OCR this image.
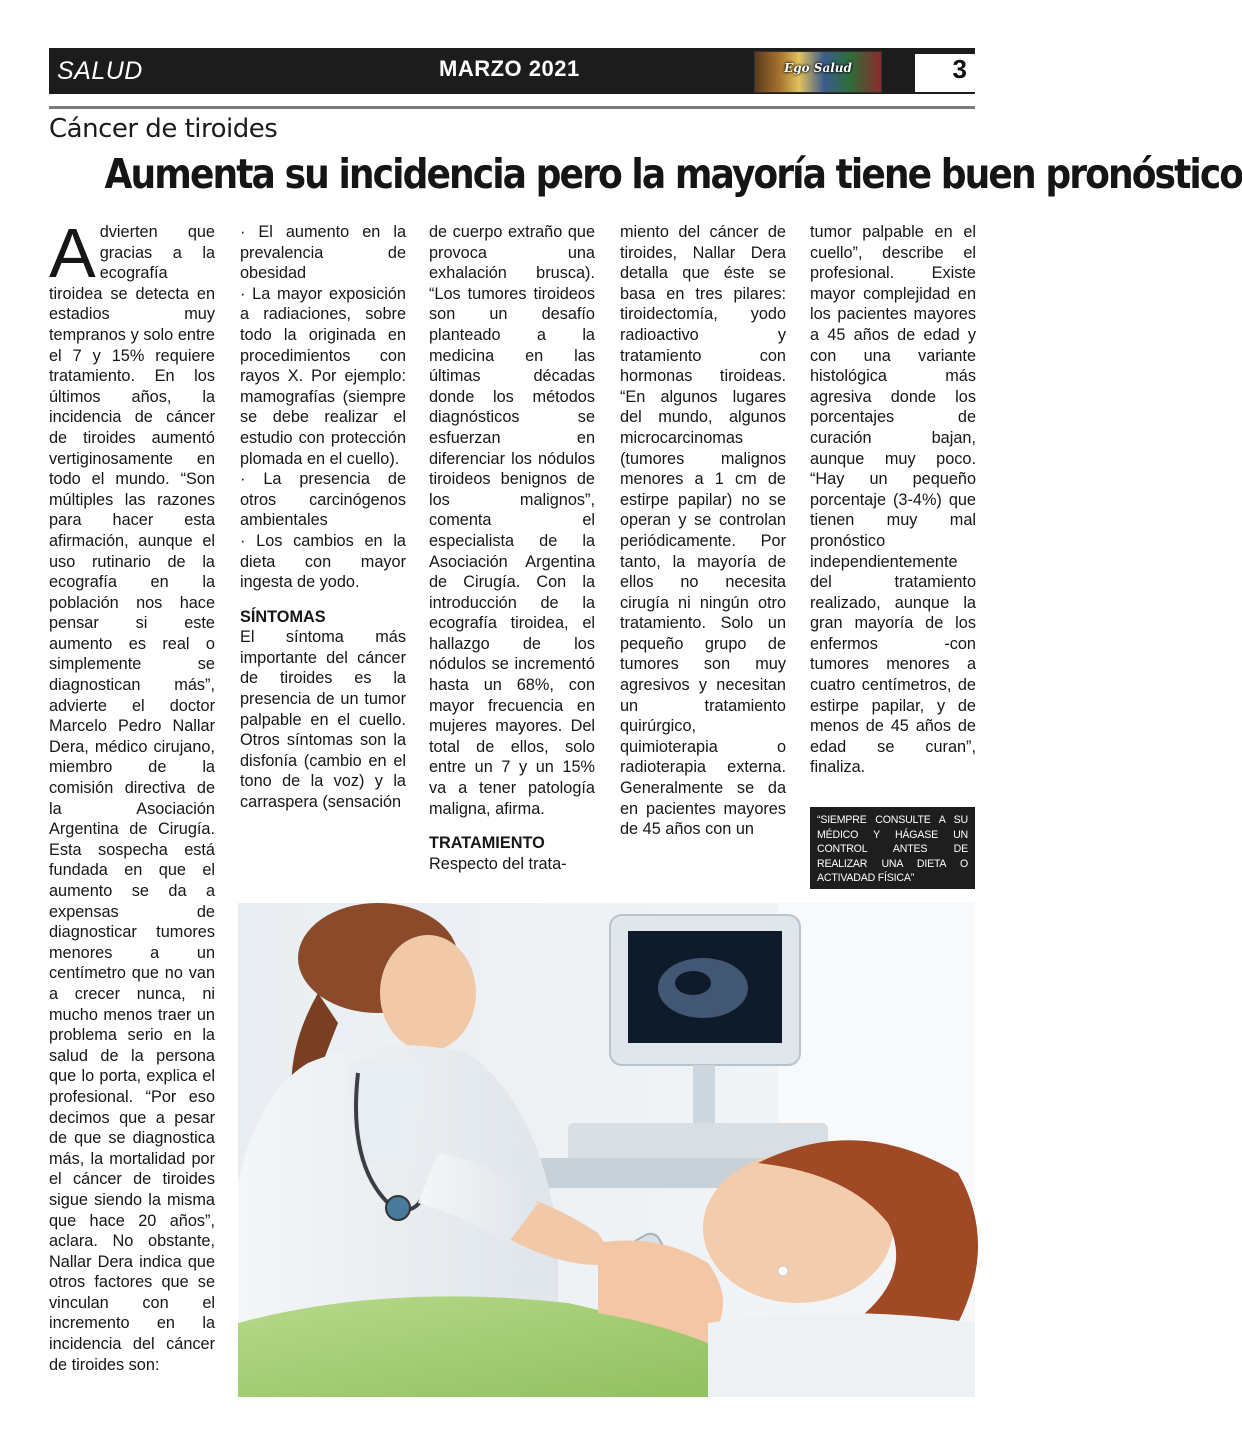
SALUD	MARZO 2021	Ego Salud	3
Cáncer de tiroides
Aumenta su incidencia pero la mayoría tiene buen pronóstico

Advierten que gracias a la ecografía tiroidea se detecta en estadios muy tempranos y solo entre el 7 y 15% requiere tratamiento. En los últimos años, la incidencia de cáncer de tiroides aumentó vertiginosamente en todo el mundo. “Son múltiples las razones para hacer esta afirmación, aunque el uso rutinario de la ecografía en la población nos hace pensar si este aumento es real o simplemente se diagnostican más”, advierte el doctor Marcelo Pedro Nallar Dera, médico cirujano, miembro de la comisión directiva de la Asociación Argentina de Cirugía. Esta sospecha está fundada en que el aumento se da a expensas de diagnosticar tumores menores a un centímetro que no van a crecer nunca, ni mucho menos traer un problema serio en la salud de la persona que lo porta, explica el profesional. “Por eso decimos que a pesar de que se diagnostica más, la mortalidad por el cáncer de tiroides sigue siendo la misma que hace 20 años”, aclara. No obstante, Nallar Dera indica que otros factores que se vinculan con el incremento en la incidencia del cáncer de tiroides son:

· El aumento en la prevalencia de obesidad

· La mayor exposición a radiaciones, sobre todo la originada en procedimientos con rayos X. Por ejemplo: mamografías (siempre se debe realizar el estudio con protección plomada en el cuello).

· La presencia de otros carcinógenos ambientales

· Los cambios en la dieta con mayor ingesta de yodo.

SÍNTOMAS

El síntoma más importante del cáncer de tiroides es la presencia de un tumor palpable en el cuello. Otros síntomas son la disfonía (cambio en el tono de la voz) y la carraspera (sensación

de cuerpo extraño que provoca una exhalación brusca). “Los tumores tiroideos son un desafío planteado a la medicina en las últimas décadas donde los métodos diagnósticos se esfuerzan en diferenciar los nódulos tiroideos benignos de los malignos”, comenta el especialista de la Asociación Argentina de Cirugía. Con la introducción de la ecografía tiroidea, el hallazgo de los nódulos se incrementó hasta un 68%, con mayor frecuencia en mujeres mayores. Del total de ellos, solo entre un 7 y un 15% va a tener patología maligna, afirma.

TRATAMIENTO

Respecto del trata-

miento del cáncer de tiroides, Nallar Dera detalla que éste se basa en tres pilares: tiroidectomía, yodo radioactivo y tratamiento con hormonas tiroideas. “En algunos lugares del mundo, algunos microcarcinomas (tumores malignos menores a 1 cm de estirpe papilar) no se operan y se controlan periódicamente. Por tanto, la mayoría de ellos no necesita cirugía ni ningún otro tratamiento. Solo un pequeño grupo de tumores son muy agresivos y necesitan un tratamiento quirúrgico, quimioterapia o radioterapia externa. Generalmente se da en pacientes mayores de 45 años con un

tumor palpable en el cuello”, describe el profesional. Existe mayor complejidad en los pacientes mayores a 45 años de edad y con una variante histológica más agresiva donde los porcentajes de curación bajan, aunque muy poco. “Hay un pequeño porcentaje (3-4%) que tienen muy mal pronóstico independientemente del tratamiento realizado, aunque la gran mayoría de los enfermos -con tumores menores a cuatro centímetros, de estirpe papilar, y de menos de 45 años de edad se curan”, finaliza.

“SIEMPRE CONSULTE A SU MÉDICO Y HÁGASE UN CONTROL ANTES DE REALIZAR UNA DIETA O ACTIVADAD FÍSICA”
